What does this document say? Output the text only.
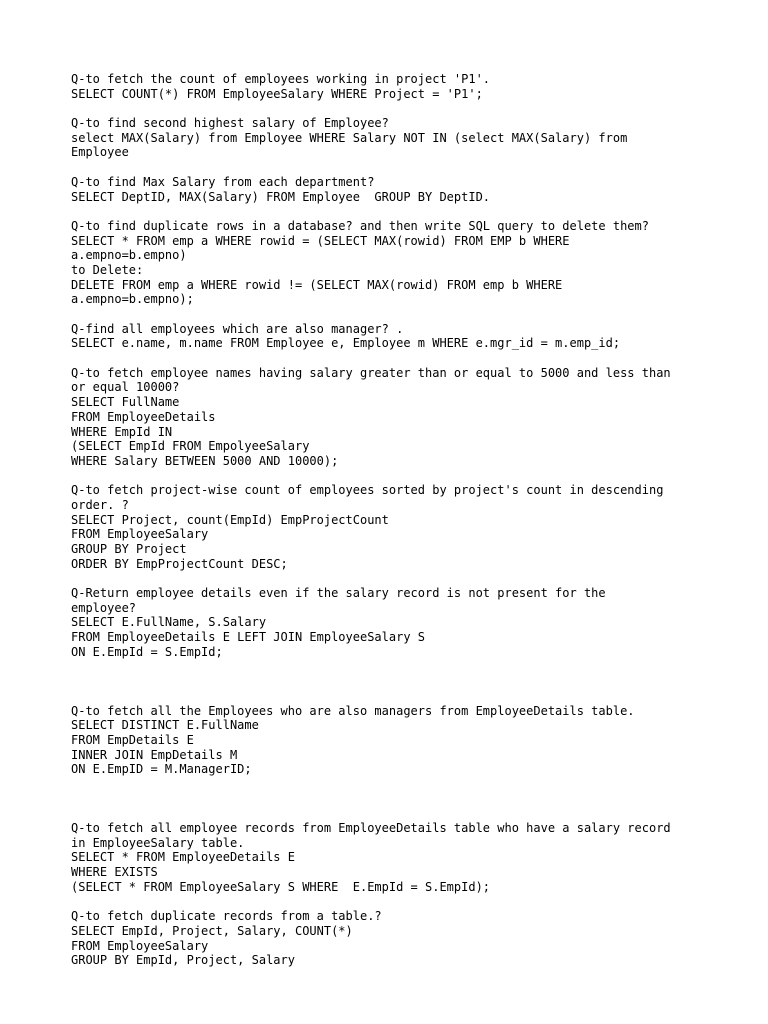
Q-to fetch the count of employees working in project 'P1'.
SELECT COUNT(*) FROM EmployeeSalary WHERE Project = 'P1';
Q-to find second highest salary of Employee?
select MAX(Salary) from Employee WHERE Salary NOT IN (select MAX(Salary) from
Employee
Q-to find Max Salary from each department?
SELECT DeptID, MAX(Salary) FROM Employee  GROUP BY DeptID.
Q-to find duplicate rows in a database? and then write SQL query to delete them?
SELECT * FROM emp a WHERE rowid = (SELECT MAX(rowid) FROM EMP b WHERE
a.empno=b.empno)
to Delete:
DELETE FROM emp a WHERE rowid != (SELECT MAX(rowid) FROM emp b WHERE
a.empno=b.empno);
Q-find all employees which are also manager? .
SELECT e.name, m.name FROM Employee e, Employee m WHERE e.mgr_id = m.emp_id;
Q-to fetch employee names having salary greater than or equal to 5000 and less than
or equal 10000?
SELECT FullName
FROM EmployeeDetails
WHERE EmpId IN
(SELECT EmpId FROM EmpolyeeSalary
WHERE Salary BETWEEN 5000 AND 10000);
Q-to fetch project-wise count of employees sorted by project's count in descending
order. ?
SELECT Project, count(EmpId) EmpProjectCount
FROM EmployeeSalary
GROUP BY Project
ORDER BY EmpProjectCount DESC;
Q-Return employee details even if the salary record is not present for the
employee?
SELECT E.FullName, S.Salary
FROM EmployeeDetails E LEFT JOIN EmployeeSalary S
ON E.EmpId = S.EmpId;
Q-to fetch all the Employees who are also managers from EmployeeDetails table.
SELECT DISTINCT E.FullName
FROM EmpDetails E
INNER JOIN EmpDetails M
ON E.EmpID = M.ManagerID;
Q-to fetch all employee records from EmployeeDetails table who have a salary record
in EmployeeSalary table.
SELECT * FROM EmployeeDetails E
WHERE EXISTS
(SELECT * FROM EmployeeSalary S WHERE  E.EmpId = S.EmpId);
Q-to fetch duplicate records from a table.?
SELECT EmpId, Project, Salary, COUNT(*)
FROM EmployeeSalary
GROUP BY EmpId, Project, Salary
